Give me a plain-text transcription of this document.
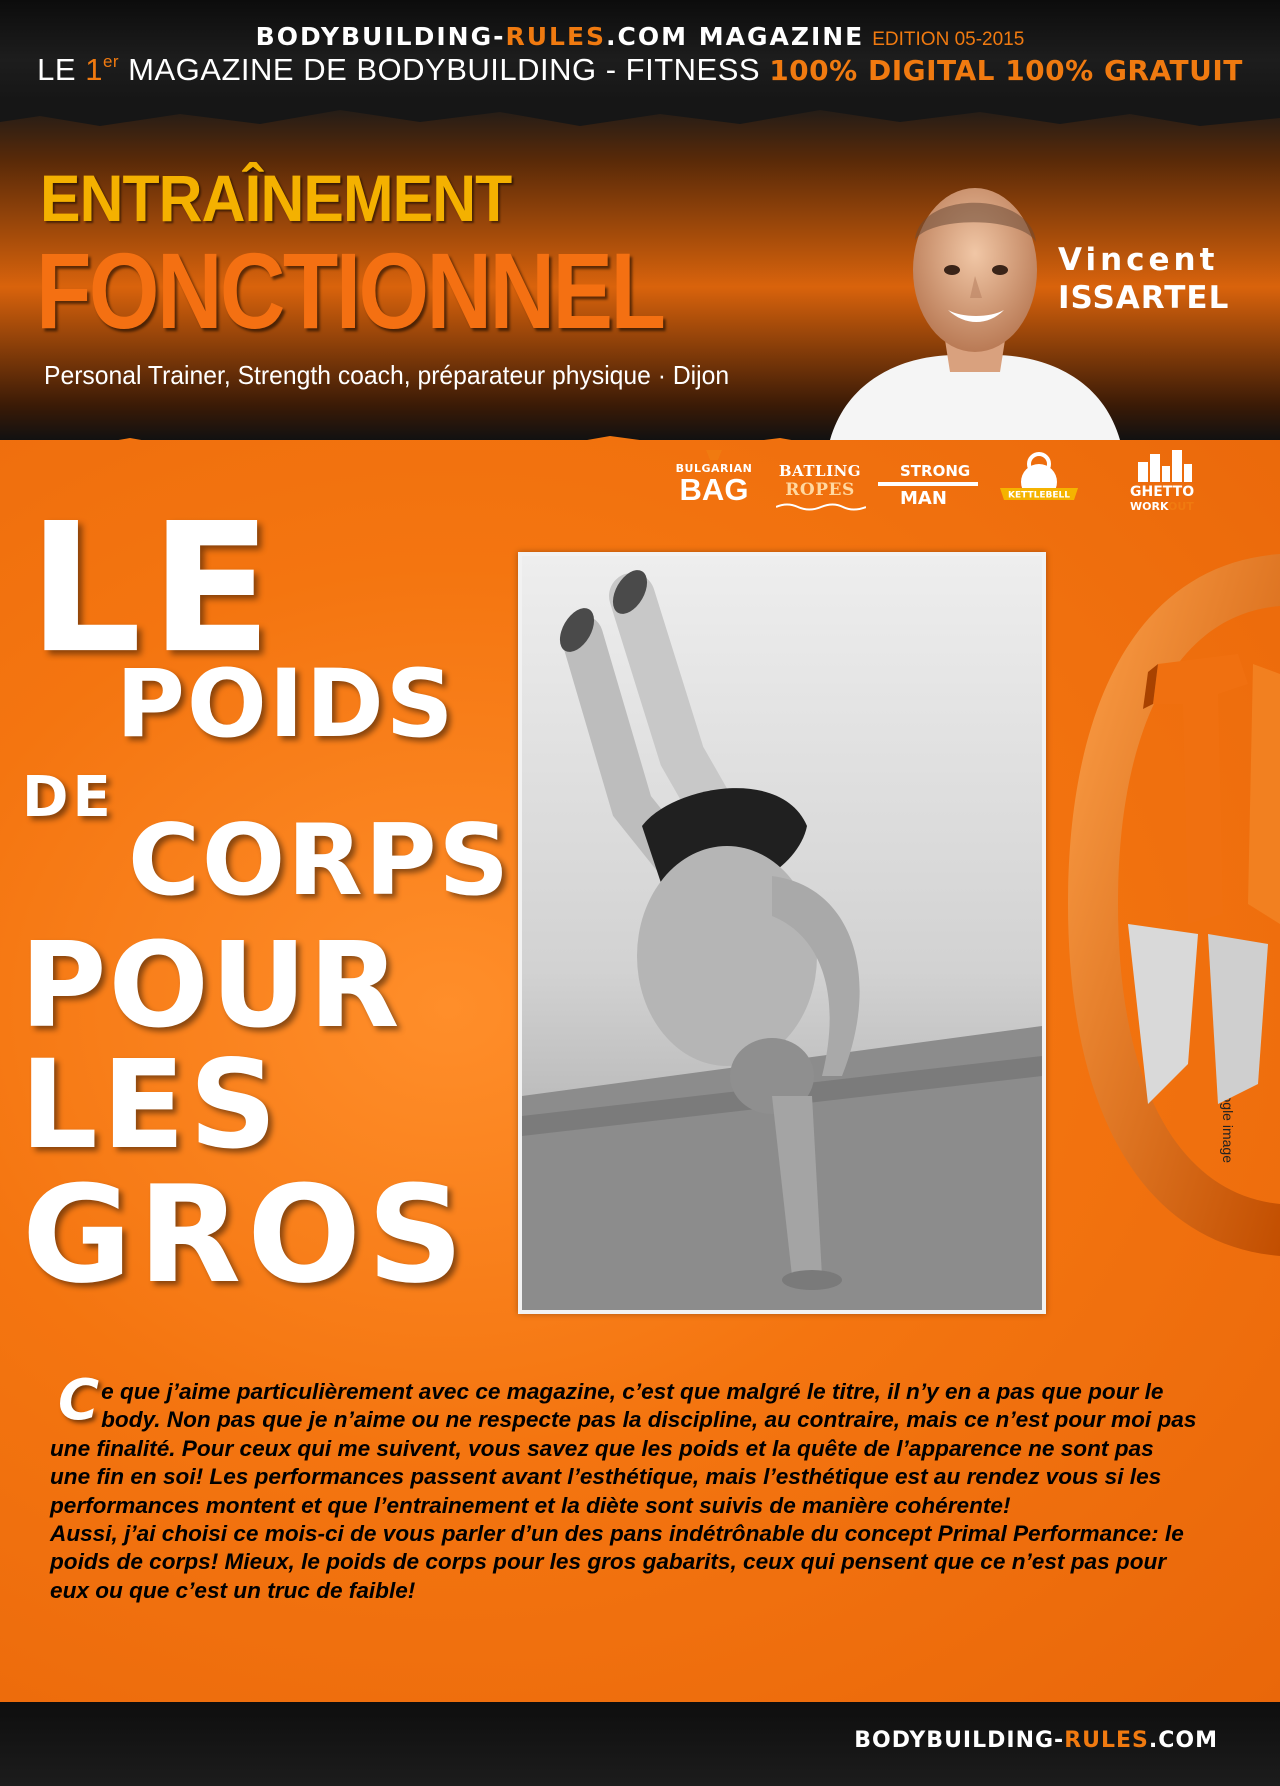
BODYBUILDING-RULES.COM MAGAZINE EDITION 05-2015
LE 1er MAGAZINE DE BODYBUILDING - FITNESS 100% DIGITAL 100% GRATUIT
ENTRAÎNEMENT
FONCTIONNEL
Personal Trainer, Strength coach, préparateur physique · Dijon
Vincent
ISSARTEL
BULGARIAN
BAG
BATLING
ROPES
STRONG
MAN	KETTLEBELL	GHETTO
WORKOUT
LE
POIDS
DE
CORPS
POUR
LES
GROS

Ce que j’aime particulièrement avec ce magazine, c’est que malgré le titre, il n’y en a pas que pour le body. Non pas que je n’aime ou ne respecte pas la discipline, au contraire, mais ce n’est pour moi pas une finalité. Pour ceux qui me suivent, vous savez que les poids et la quête de l’apparence ne sont pas une fin en soi! Les performances passent avant l’esthétique, mais l’esthétique est au rendez vous si les performances montent et que l’entrainement et la diète sont suivis de manière cohérente!

Aussi, j’ai choisi ce mois-ci de vous parler d’un des pans indétrônable du concept Primal Performance: le poids de corps! Mieux, le poids de corps pour les gros gabarits, ceux qui pensent que ce n’est pas pour eux ou que c’est un truc de faible!

BODYBUILDING-RULES.COM
